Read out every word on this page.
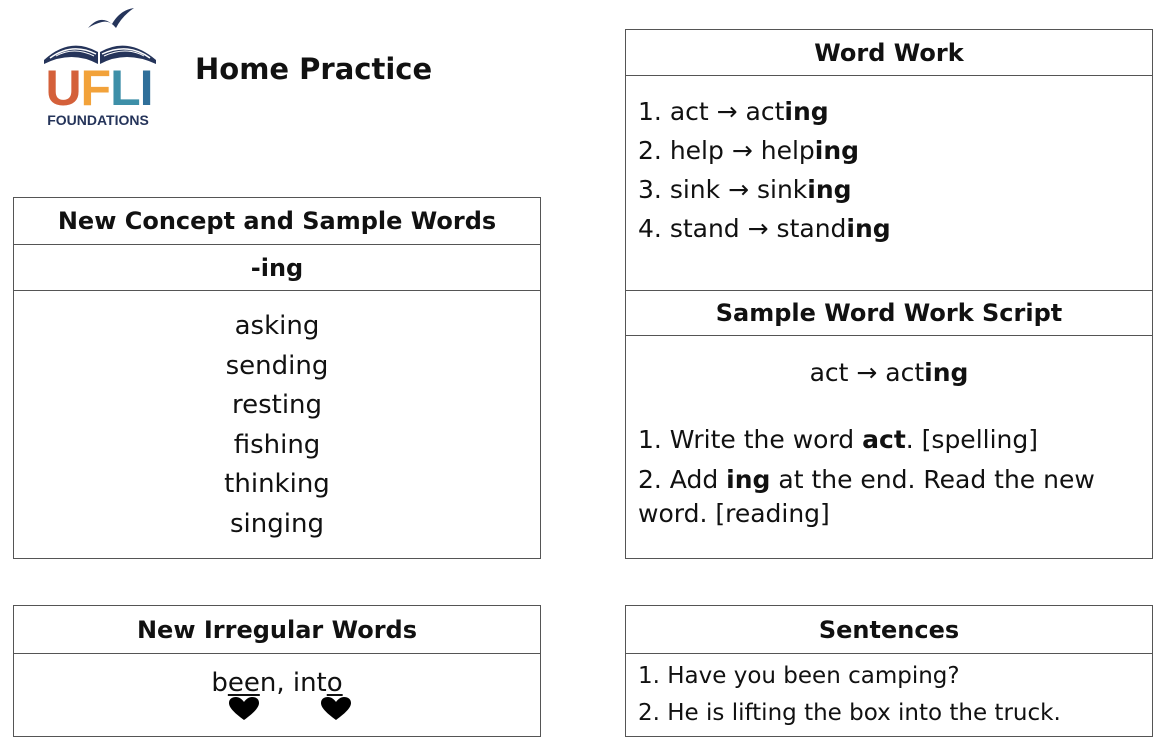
UFLI
FOUNDATIONS
Home Practice
New Concept and Sample Words
-ing
asking
sending
resting
fishing
thinking
singing
Word Work
1. act → acting
2. help → helping
3. sink → sinking
4. stand → standing
Sample Word Work Script
act → acting
1. Write the word act. [spelling]
2. Add ing at the end. Read the new word. [reading]
New Irregular Words
been, into
Sentences
1. Have you been camping?
2. He is lifting the box into the truck.
